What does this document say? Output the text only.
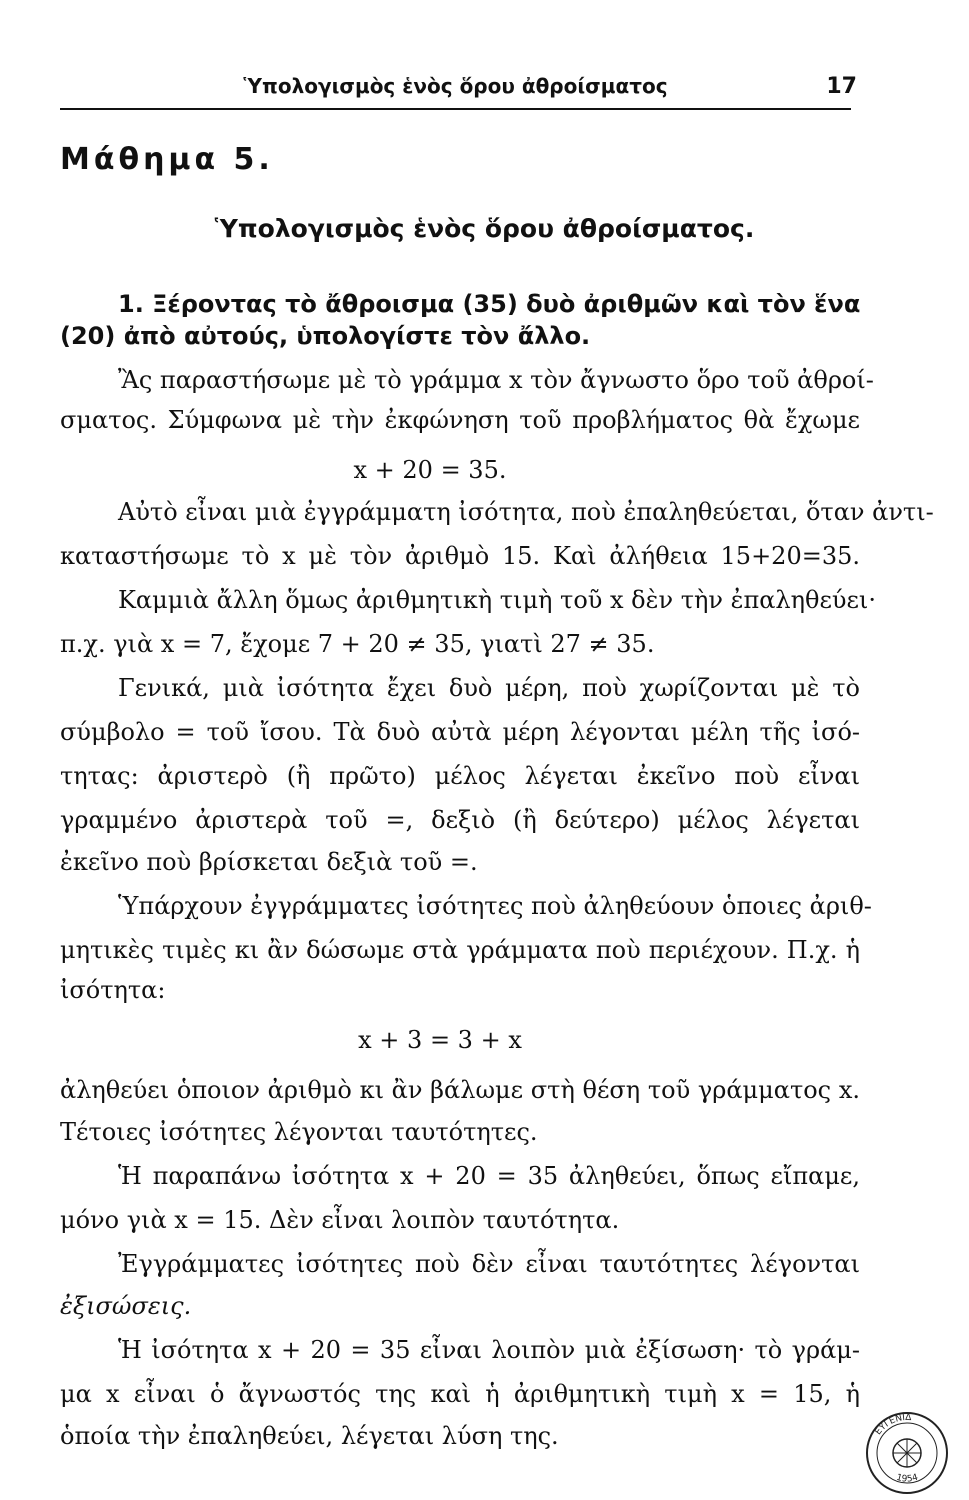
Ὑπολογισμὸς ἑνὸς ὅρου ἀθροίσματος	17
Μάθημα 5.
Ὑπολογισμὸς ἑνὸς ὅρου ἀθροίσματος.
1. Ξέροντας τὸ ἄθροισμα (35) δυὸ ἀριθμῶν καὶ τὸν ἕνα
(20) ἀπὸ αὐτούς, ὑπολογίστε τὸν ἄλλο.
Ἂς παραστήσωμε μὲ τὸ γράμμα x τὸν ἄγνωστο ὅρο τοῦ ἀθροί-
σματος. Σύμφωνα μὲ τὴν ἐκφώνηση τοῦ προβλήματος θὰ ἔχωμε
x + 20 = 35.
Αὐτὸ εἶναι μιὰ ἐγγράμματη ἰσότητα, ποὺ ἐπαληθεύεται, ὅταν ἀντι-
καταστήσωμε τὸ x μὲ τὸν ἀριθμὸ 15. Καὶ ἀλήθεια 15+20=35.
Καμμιὰ ἄλλη ὅμως ἀριθμητικὴ τιμὴ τοῦ x δὲν τὴν ἐπαληθεύει·
π.χ. γιὰ x = 7, ἔχομε 7 + 20 ≠ 35, γιατὶ 27 ≠ 35.
Γενικά, μιὰ ἰσότητα ἔχει δυὸ μέρη, ποὺ χωρίζονται μὲ τὸ
σύμβολο = τοῦ ἴσου. Τὰ δυὸ αὐτὰ μέρη λέγονται μέλη τῆς ἰσό-
τητας: ἀριστερὸ (ἢ πρῶτο) μέλος λέγεται ἐκεῖνο ποὺ εἶναι
γραμμένο ἀριστερὰ τοῦ =, δεξιὸ (ἢ δεύτερο) μέλος λέγεται
ἐκεῖνο ποὺ βρίσκεται δεξιὰ τοῦ =.
Ὑπάρχουν ἐγγράμματες ἰσότητες ποὺ ἀληθεύουν ὁποιες ἀριθ-
μητικὲς τιμὲς κι ἂν δώσωμε στὰ γράμματα ποὺ περιέχουν. Π.χ. ἡ
ἰσότητα:
x + 3 = 3 + x
ἀληθεύει ὁποιον ἀριθμὸ κι ἂν βάλωμε στὴ θέση τοῦ γράμματος x.
Τέτοιες ἰσότητες λέγονται ταυτότητες.
Ἡ παραπάνω ἰσότητα x + 20 = 35 ἀληθεύει, ὅπως εἴπαμε,
μόνο γιὰ x = 15. Δὲν εἶναι λοιπὸν ταυτότητα.
Ἐγγράμματες ἰσότητες ποὺ δὲν εἶναι ταυτότητες λέγονται
ἐξισώσεις.
Ἡ ἰσότητα x + 20 = 35 εἶναι λοιπὸν μιὰ ἐξίσωση· τὸ γράμ-
μα x εἶναι ὁ ἄγνωστός της καὶ ἡ ἀριθμητικὴ τιμὴ x = 15, ἡ
ὁποία τὴν ἐπαληθεύει, λέγεται λύση της.	ΕΥΓΕΝΙΔ
1954
